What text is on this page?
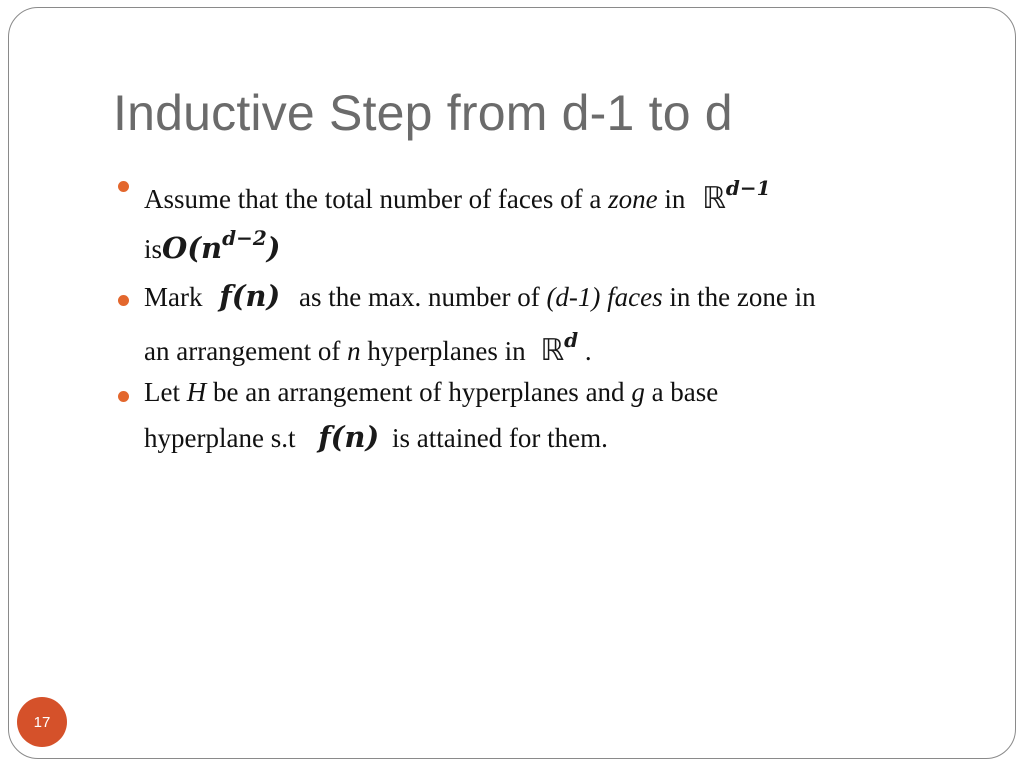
Inductive Step from d-1 to d
Assume that the total number of faces of a zone in ℝ$^{d-1}$
$isO(n^{d-2})$
Mark f(n) as the max. number of (d-1) faces in the zone in
an arrangement of n hyperplanes in ℝ$^d$ .
Let H be an arrangement of hyperplanes and g a base
hyperplane s.t f(n) is attained for them.
17
